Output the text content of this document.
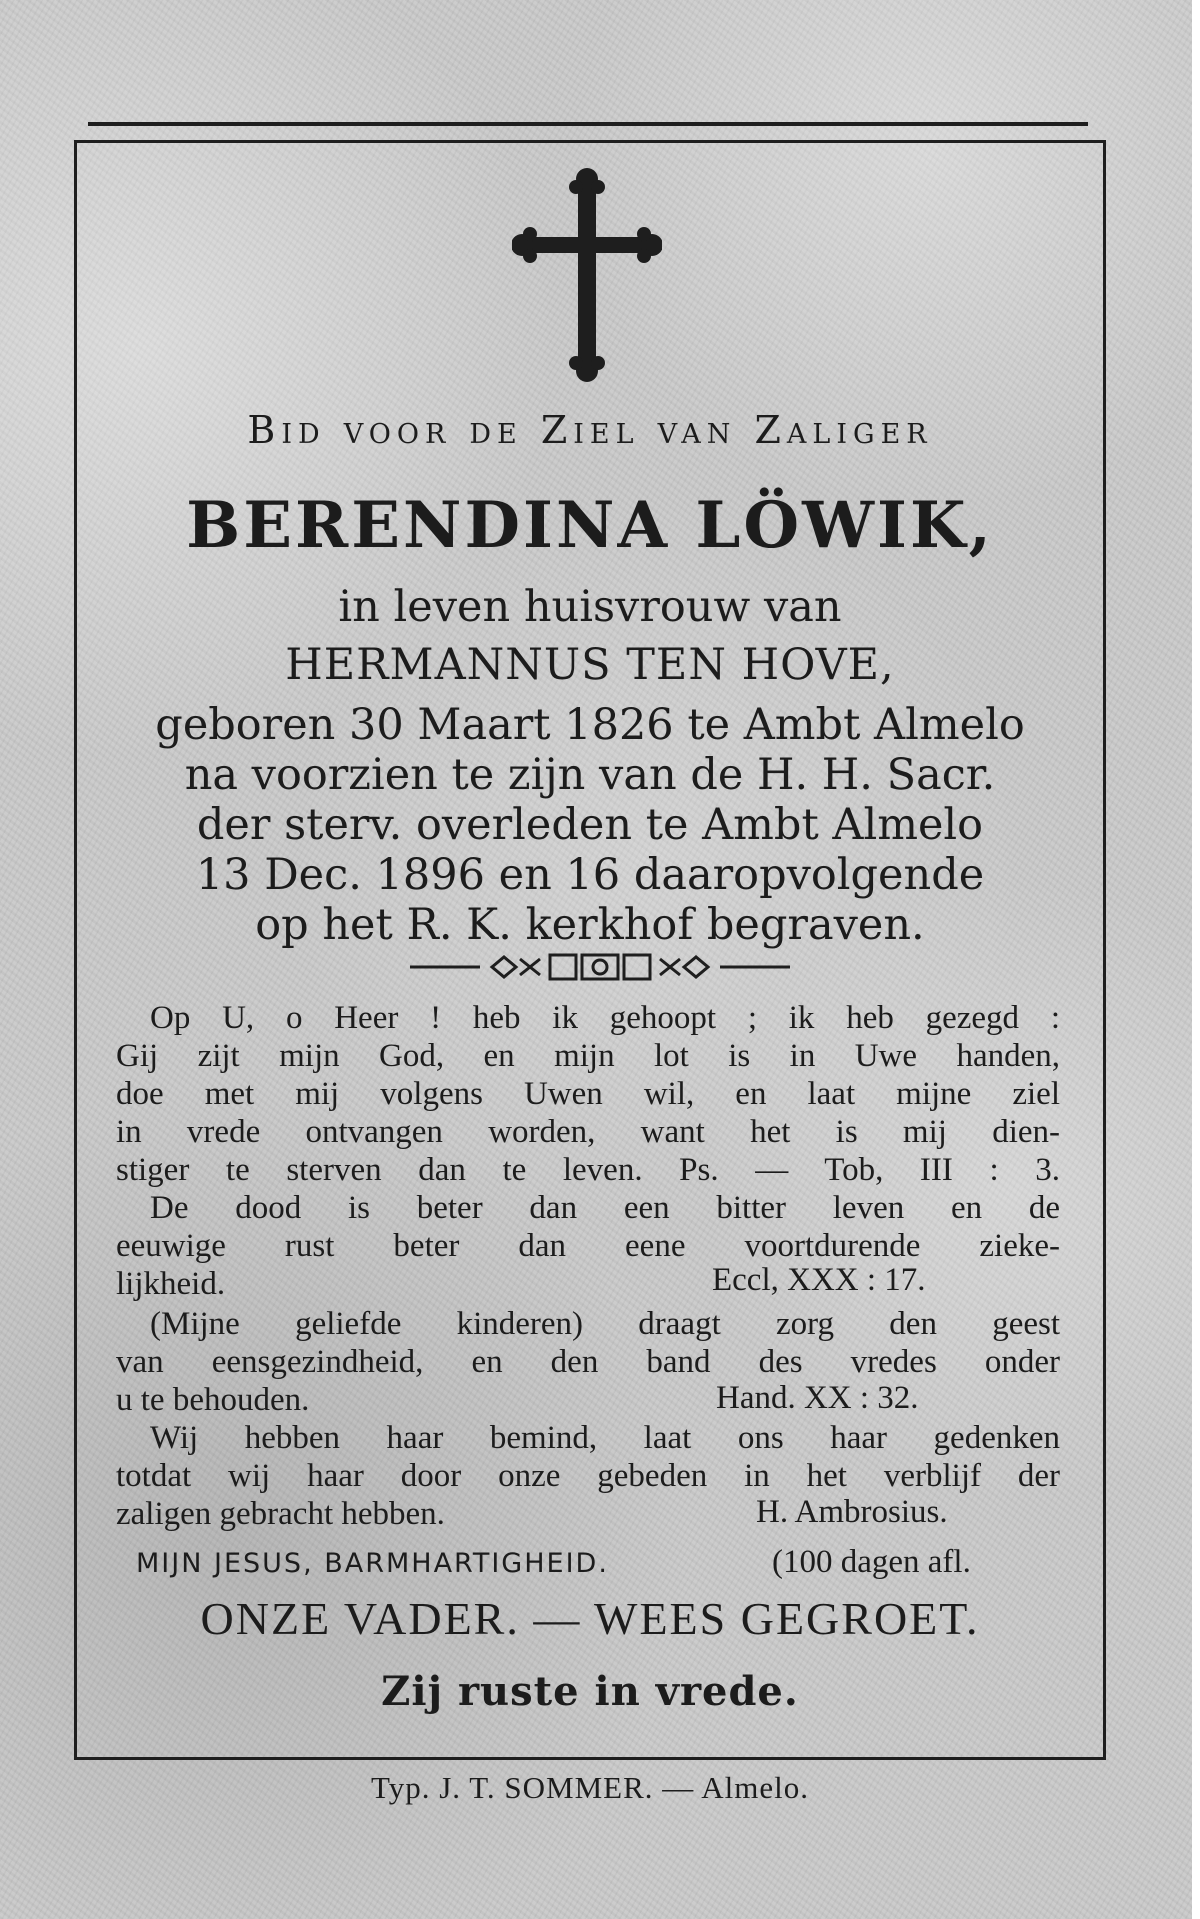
Bid voor de Ziel van Zaliger
BERENDINA LÖWIK,
in leven huisvrouw van
HERMANNUS TEN HOVE,
geboren 30 Maart 1826 te Ambt Almelo
na voorzien te zijn van de H. H. Sacr.
der sterv. overleden te Ambt Almelo
13 Dec. 1896 en 16 daaropvolgende
op het R. K. kerkhof begraven.
Op U, o Heer ! heb ik gehoopt ; ik heb gezegd :
Gij zijt mijn God, en mijn lot is in Uwe handen,
doe met mij volgens Uwen wil, en laat mijne ziel
in vrede ontvangen worden, want het is mij dien-
stiger te sterven dan te leven. Ps. — Tob, III : 3.
De dood is beter dan een bitter leven en de
eeuwige rust beter dan eene voortdurende zieke-
lijkheid.	Eccl, XXX : 17.
(Mijne geliefde kinderen) draagt zorg den geest
van eensgezindheid, en den band des vredes onder
u te behouden.	Hand. XX : 32.
Wij hebben haar bemind, laat ons haar gedenken
totdat wij haar door onze gebeden in het verblijf der
zaligen gebracht hebben.	H. Ambrosius.
MIJN JESUS, BARMHARTIGHEID.	(100 dagen afl.
ONZE VADER. — WEES GEGROET.
Zij ruste in vrede.
Typ. J. T. SOMMER. — Almelo.
